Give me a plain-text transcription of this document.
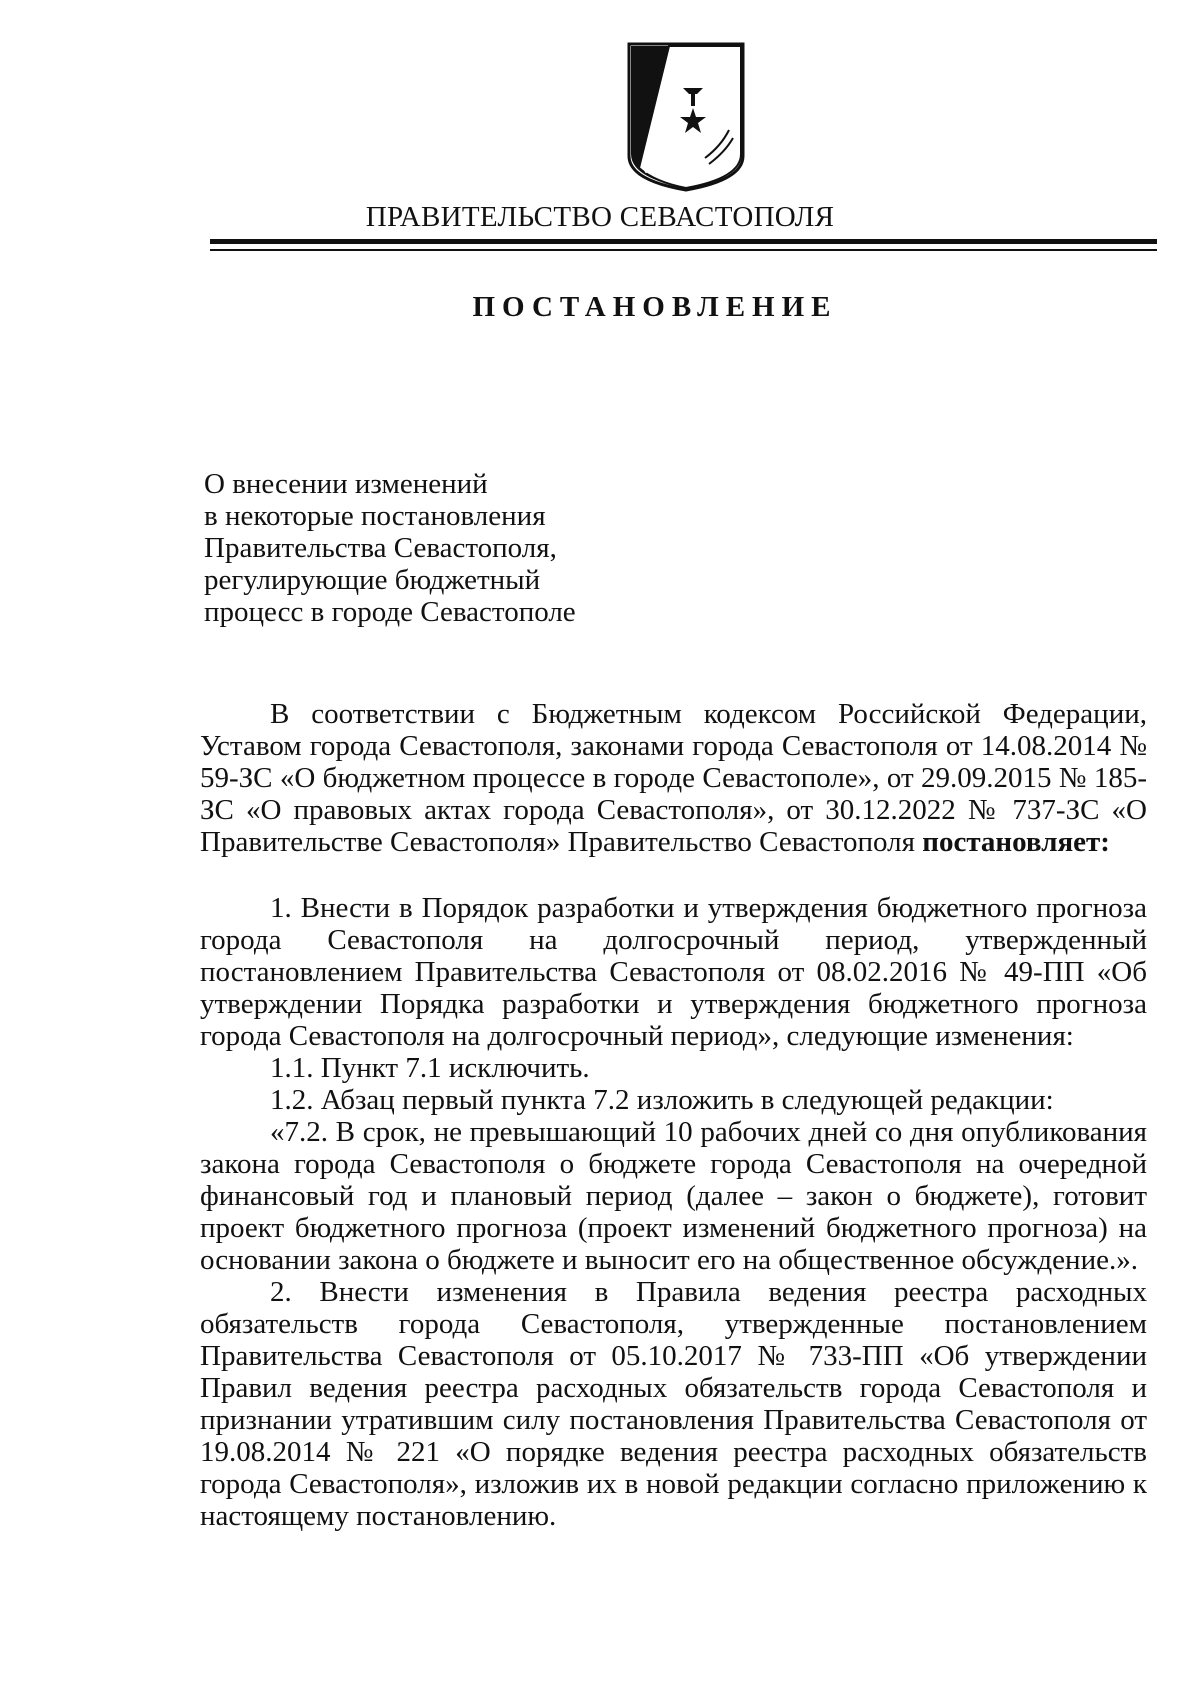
ПРАВИТЕЛЬСТВО СЕВАСТОПОЛЯ
ПОСТАНОВЛЕНИЕ
О внесении изменений
в некоторые постановления
Правительства Севастополя,
регулирующие бюджетный
процесс в городе Севастополе

В соответствии с Бюджетным кодексом Российской Федерации, Уставом города Севастополя, законами города Севастополя от 14.08.2014 № 59-ЗС «О бюджетном процессе в городе Севастополе», от 29.09.2015 № 185-ЗС «О правовых актах города Севастополя», от 30.12.2022 № 737-ЗС «О Правительстве Севастополя» Правительство Севастополя постановляет:

1. Внести в Порядок разработки и утверждения бюджетного прогноза города Севастополя на долгосрочный период, утвержденный постановлением Правительства Севастополя от 08.02.2016 № 49-ПП «Об утверждении Порядка разработки и утверждения бюджетного прогноза города Севастополя на долгосрочный период», следующие изменения:

1.1. Пункт 7.1 исключить.

1.2. Абзац первый пункта 7.2 изложить в следующей редакции:

«7.2. В срок, не превышающий 10 рабочих дней со дня опубликования закона города Севастополя о бюджете города Севастополя на очередной финансовый год и плановый период (далее – закон о бюджете), готовит проект бюджетного прогноза (проект изменений бюджетного прогноза) на основании закона о бюджете и выносит его на общественное обсуждение.».

2. Внести изменения в Правила ведения реестра расходных обязательств города Севастополя, утвержденные постановлением Правительства Севастополя от 05.10.2017 № 733-ПП «Об утверждении Правил ведения реестра расходных обязательств города Севастополя и признании утратившим силу постановления Правительства Севастополя от 19.08.2014 № 221 «О порядке ведения реестра расходных обязательств города Севастополя», изложив их в новой редакции согласно приложению к настоящему постановлению.
